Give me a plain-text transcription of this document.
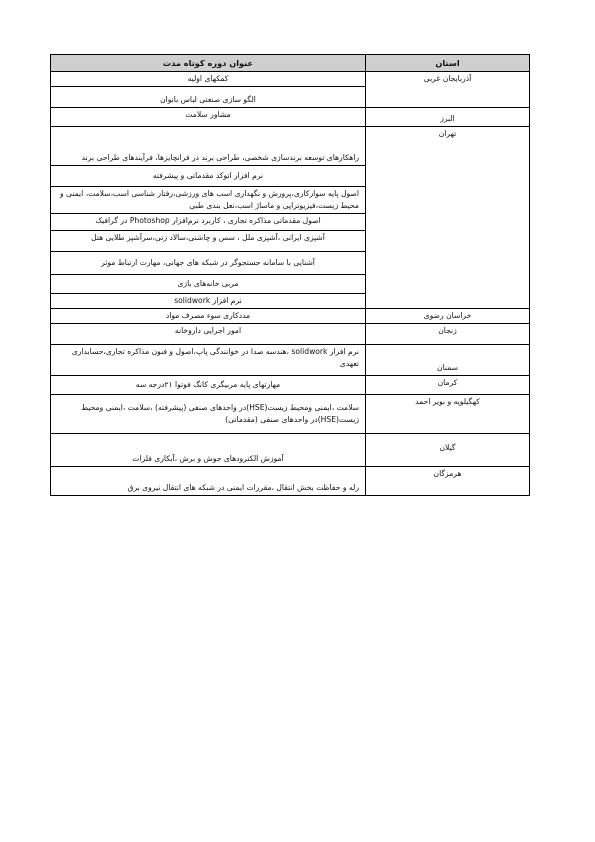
استان	عنوان دوره کوتاه مدت
آذربایجان غربی	کمکهای اولیه
	الگو سازی صنعتی لباس بانوان
البرز	مشاور سلامت
تهران	راهکارهای توسعه برندسازی شخصی، طراحی برند در فرانچایزها، فرآیندهای طراحی برند
	نرم افزار اتوکد مقدماتی و پیشرفته
	اصول پایه سوارکاری،پرورش و نگهداری اسب های ورزشی،رفتار شناسی اسب،سلامت، ایمنی و محیط زیست،فیزیوتراپی و ماساژ اسب،نعل بندی طبی
	اصول مقدماتی مذاکره تجاری ، کاربرد نرم‌افزار Photoshop در گرافیک
	آشپزی ایرانی ،آشپزی ملل ، سس و چاشنی،سالاد زنی،سرآشپز طلایی هتل
	آشنایی با سامانه جستجوگر در شبکه های جهانی، مهارت ارتباط موثر
	مربی خانه‌های بازی
	نرم افزار solidwork
خراسان رضوی	مددکاری سوء مصرف مواد
زنجان	امور اجرایی داروخانه
سمنان	نرم افزار solidwork ،هندسه صدا در خوانندگی پاپ،اصول و فنون مذاکره تجاری،حسابداری تعهدی
کرمان	مهارتهای پایه مربیگری کانگ فوتوا ۲۱درجه سه
کهگیلویه و بویر احمد	سلامت ،ایمنی ومحیط زیست(HSE)در واحدهای صنفی (پیشرفته) ،سلامت ،ایمنی ومحیط زیست(HSE)در واحدهای صنفی (مقدماتی)
گیلان	آموزش الکترودهای جوش و برش ،آبکاری فلزات
هرمزگان	رله و حفاظت بخش انتقال ،مقررات ایمنی در شبکه های انتقال نیروی برق
